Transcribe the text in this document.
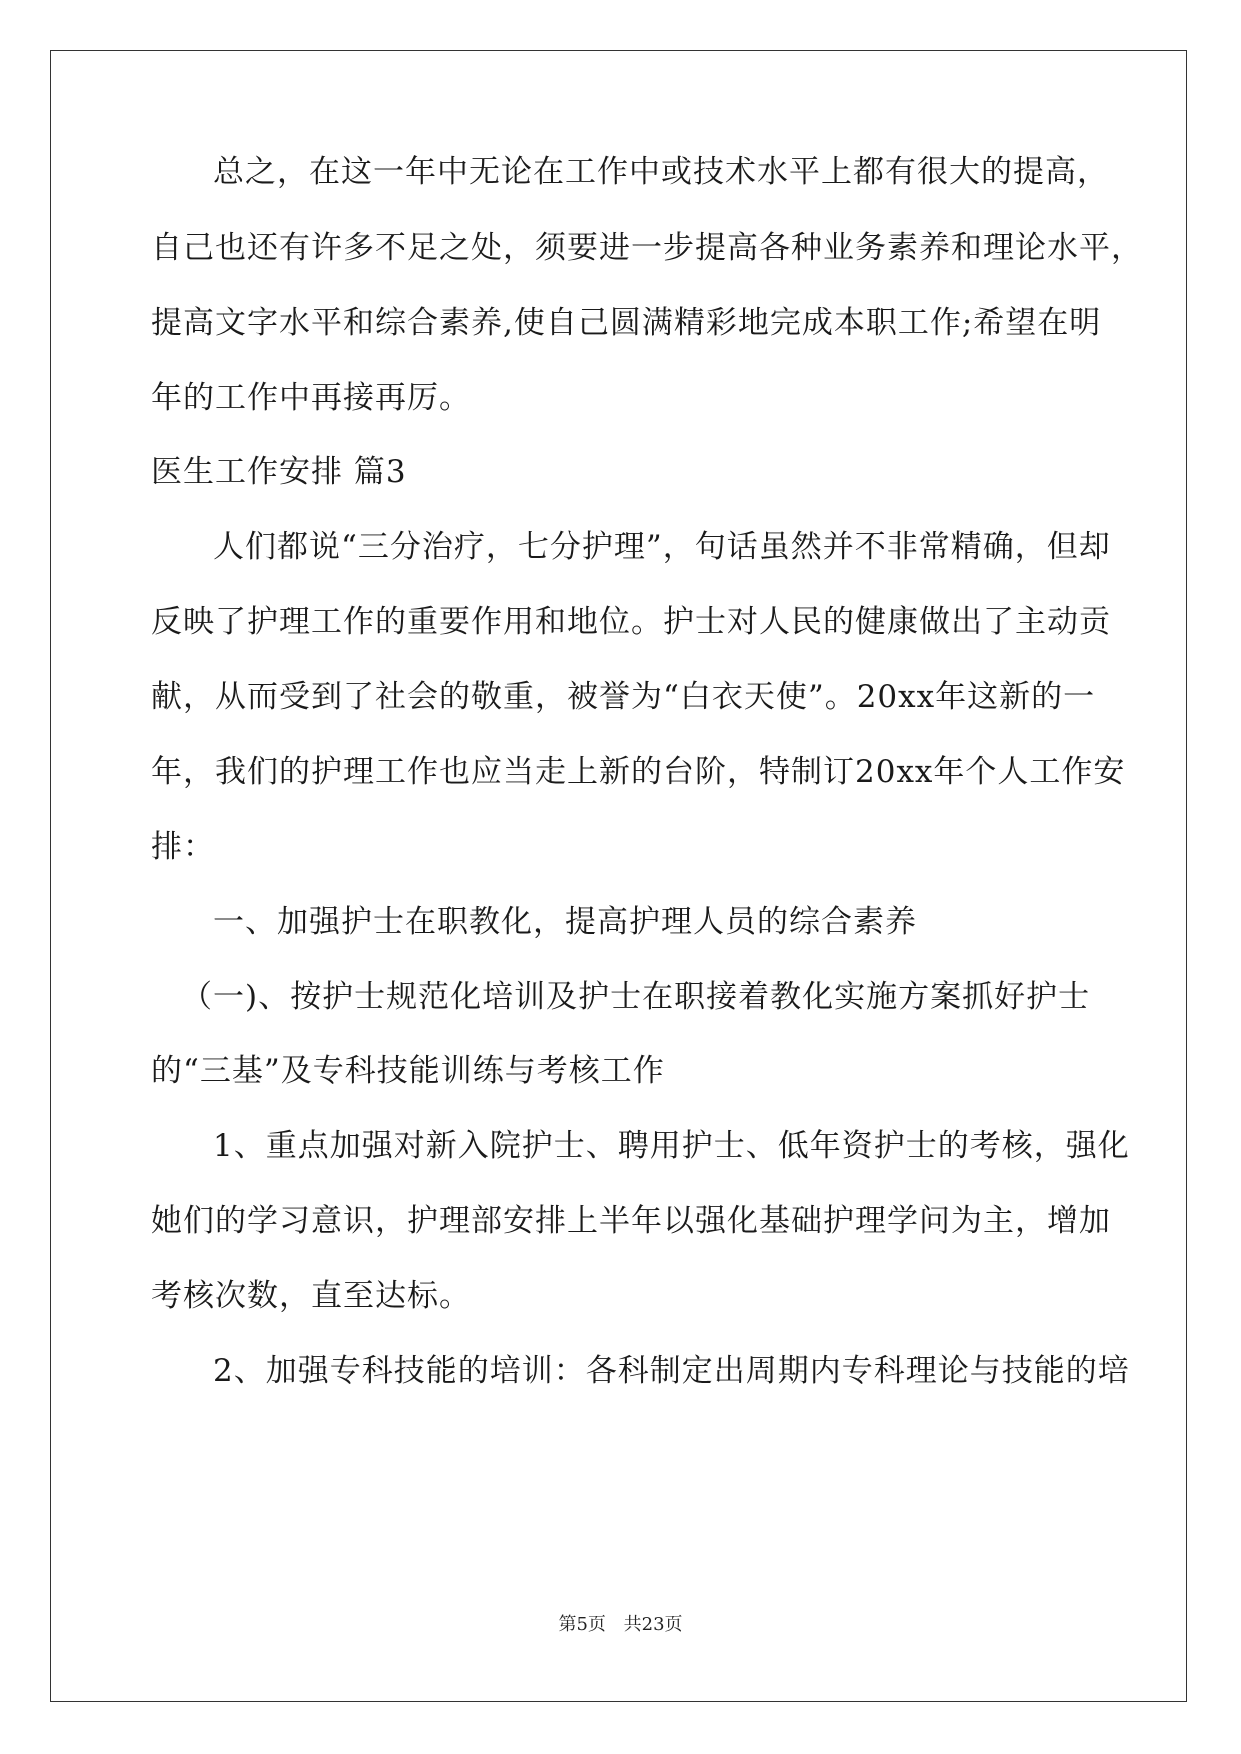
总之，在这一年中无论在工作中或技术水平上都有很大的提高，
自己也还有许多不足之处，须要进一步提高各种业务素养和理论水平，
提高文字水平和综合素养,使自己圆满精彩地完成本职工作;希望在明
年的工作中再接再厉。
医生工作安排 篇3
人们都说“三分治疗，七分护理”，句话虽然并不非常精确，但却
反映了护理工作的重要作用和地位。护士对人民的健康做出了主动贡
献，从而受到了社会的敬重，被誉为“白衣天使”。20xx年这新的一
年，我们的护理工作也应当走上新的台阶，特制订20xx年个人工作安
排：
一、加强护士在职教化，提高护理人员的综合素养
（一)、按护士规范化培训及护士在职接着教化实施方案抓好护士
的“三基”及专科技能训练与考核工作
1、重点加强对新入院护士、聘用护士、低年资护士的考核，强化
她们的学习意识，护理部安排上半年以强化基础护理学问为主，增加
考核次数，直至达标。
2、加强专科技能的培训：各科制定出周期内专科理论与技能的培
第5页 共23页
